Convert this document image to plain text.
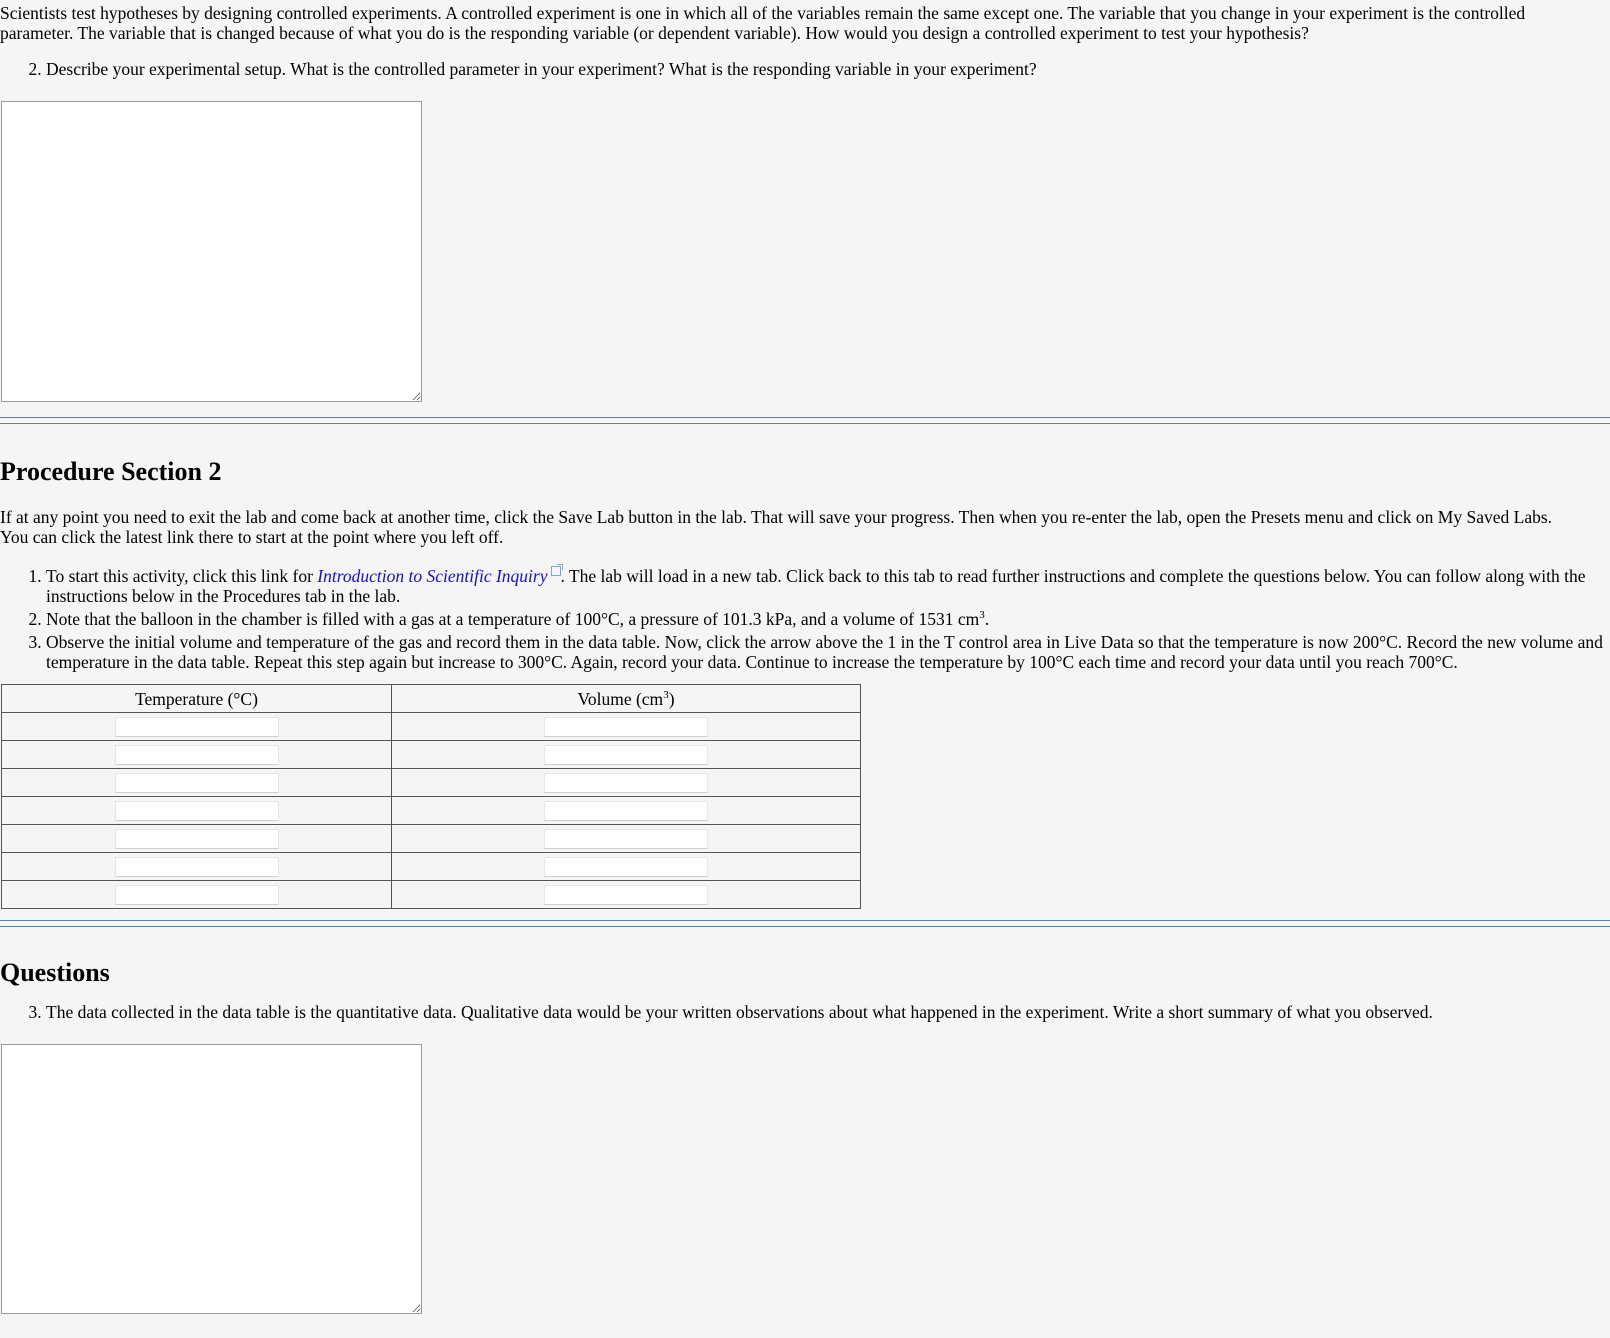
Scientists test hypotheses by designing controlled experiments. A controlled experiment is one in which all of the variables remain the same except one. The variable that you change in your experiment is the controlled parameter. The variable that is changed because of what you do is the responding variable (or dependent variable). How would you design a controlled experiment to test your hypothesis?

2. Describe your experimental setup. What is the controlled parameter in your experiment? What is the responding variable in your experiment?
Procedure Section 2

If at any point you need to exit the lab and come back at another time, click the Save Lab button in the lab. That will save your progress. Then when you re-enter the lab, open the Presets menu and click on My Saved Labs. You can click the latest link there to start at the point where you left off.

1. To start this activity, click this link for Introduction to Scientific Inquiry . The lab will load in a new tab. Click back to this tab to read further instructions and complete the questions below. You can follow along with the instructions below in the Procedures tab in the lab.
2. Note that the balloon in the chamber is filled with a gas at a temperature of 100°C, a pressure of 101.3 kPa, and a volume of 1531 $cm^3$.
3. Observe the initial volume and temperature of the gas and record them in the data table. Now, click the arrow above the 1 in the T control area in Live Data so that the temperature is now 200°C. Record the new volume and temperature in the data table. Repeat this step again but increase to 300°C. Again, record your data. Continue to increase the temperature by 100°C each time and record your data until you reach 700°C.
Temperature (°C)	Volume $(cm^3)$

Questions
3. The data collected in the data table is the quantitative data. Qualitative data would be your written observations about what happened in the experiment. Write a short summary of what you observed.
